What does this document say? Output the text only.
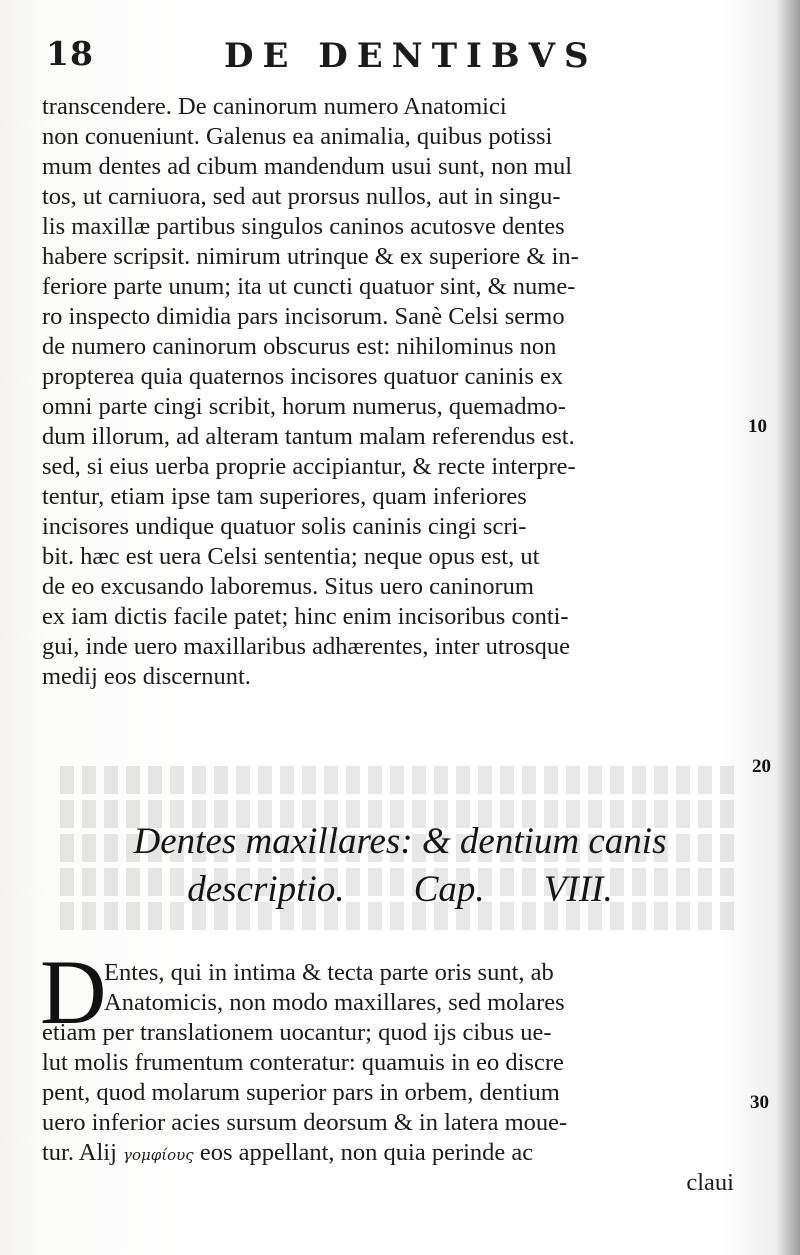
18	DE DENTIBVS
transcendere. De caninorum numero Anatomici
non conueniunt. Galenus ea animalia, quibus potissi
mum dentes ad cibum mandendum usui sunt, non mul
tos, ut carniuora, sed aut prorsus nullos, aut in singu-
lis maxillæ partibus singulos caninos acutosve dentes
habere scripsit. nimirum utrinque & ex superiore & in-
feriore parte unum; ita ut cuncti quatuor sint, & nume-
ro inspecto dimidia pars incisorum. Sanè Celsi sermo
de numero caninorum obscurus est: nihilominus non
propterea quia quaternos incisores quatuor caninis ex
omni parte cingi scribit, horum numerus, quemadmo-
dum illorum, ad alteram tantum malam referendus est.
sed, si eius uerba proprie accipiantur, & recte interpre-
tentur, etiam ipse tam superiores, quam inferiores
incisores undique quatuor solis caninis cingi scri-
bit. hæc est uera Celsi sententia; neque opus est, ut
de eo excusando laboremus. Situs uero caninorum
ex iam dictis facile patet; hinc enim incisoribus conti-
gui, inde uero maxillaribus adhærentes, inter utrosque
medij eos discernunt.
10
20
30
Dentes maxillares: & dentium canis
descriptio. Cap. VIII.
D
Entes, qui in intima & tecta parte oris sunt, ab
Anatomicis, non modo maxillares, sed molares
etiam per translationem uocantur; quod ijs cibus ue-
lut molis frumentum conteratur: quamuis in eo discre
pent, quod molarum superior pars in orbem, dentium
uero inferior acies sursum deorsum & in latera moue-
tur. Alij γομφίους eos appellant, non quia perinde ac
claui
